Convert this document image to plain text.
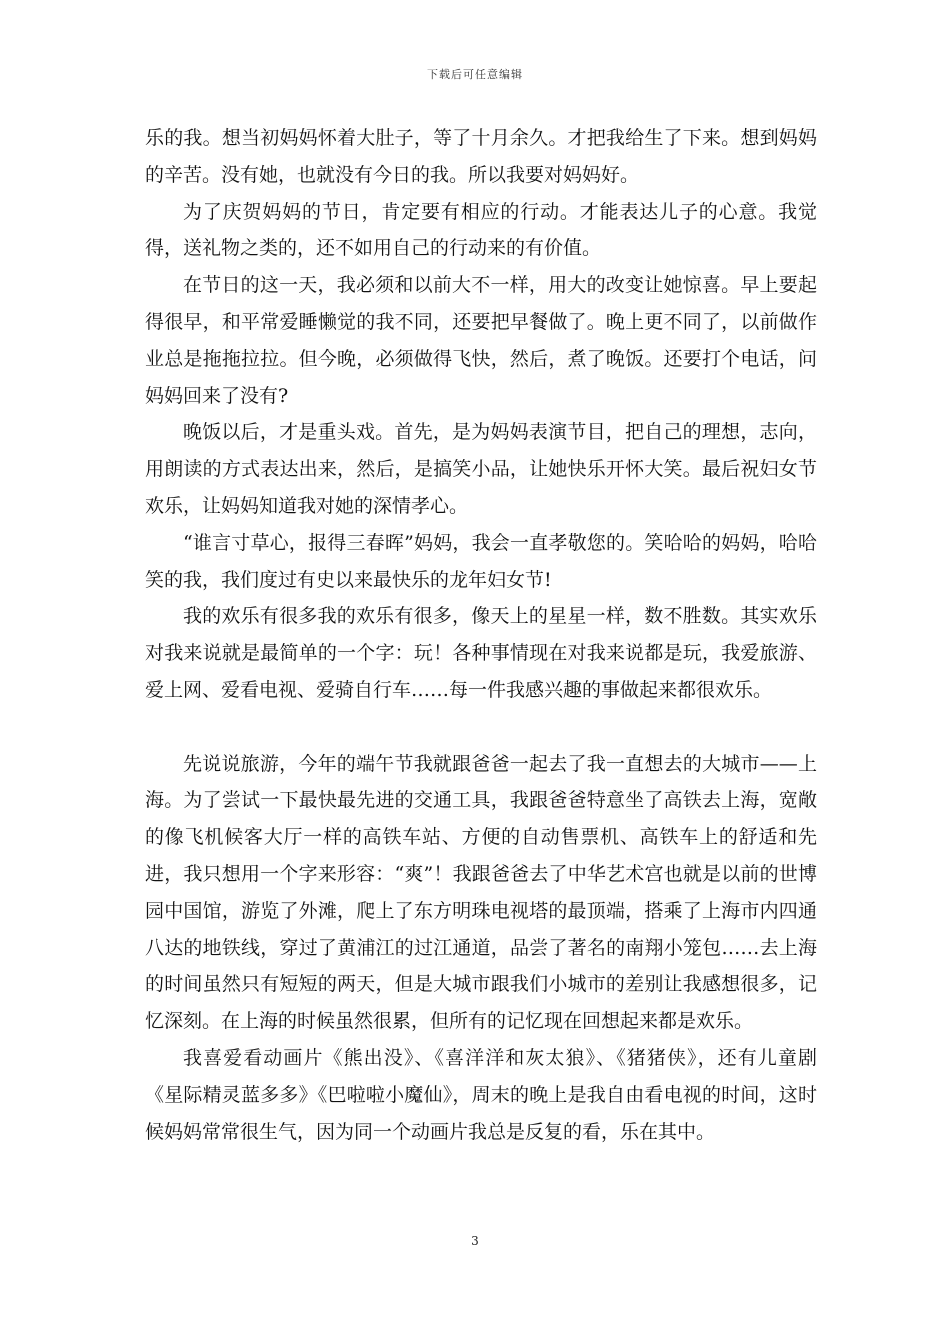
下载后可任意编辑

乐的我。想当初妈妈怀着大肚子，等了十月余久。才把我给生了下来。想到妈妈的辛苦。没有她，也就没有今日的我。所以我要对妈妈好。

为了庆贺妈妈的节日，肯定要有相应的行动。才能表达儿子的心意。我觉得，送礼物之类的，还不如用自己的行动来的有价值。

在节日的这一天，我必须和以前大不一样，用大的改变让她惊喜。早上要起得很早，和平常爱睡懒觉的我不同，还要把早餐做了。晚上更不同了，以前做作业总是拖拖拉拉。但今晚，必须做得飞快，然后，煮了晚饭。还要打个电话，问妈妈回来了没有?

晚饭以后，才是重头戏。首先，是为妈妈表演节目，把自己的理想，志向，用朗读的方式表达出来，然后，是搞笑小品，让她快乐开怀大笑。最后祝妇女节欢乐，让妈妈知道我对她的深情孝心。

“谁言寸草心，报得三春晖”妈妈，我会一直孝敬您的。笑哈哈的妈妈，哈哈笑的我，我们度过有史以来最快乐的龙年妇女节!

我的欢乐有很多我的欢乐有很多，像天上的星星一样，数不胜数。其实欢乐对我来说就是最简单的一个字：玩！各种事情现在对我来说都是玩，我爱旅游、爱上网、爱看电视、爱骑自行车……每一件我感兴趣的事做起来都很欢乐。

先说说旅游，今年的端午节我就跟爸爸一起去了我一直想去的大城市——上海。为了尝试一下最快最先进的交通工具，我跟爸爸特意坐了高铁去上海，宽敞的像飞机候客大厅一样的高铁车站、方便的自动售票机、高铁车上的舒适和先进，我只想用一个字来形容：“爽”！我跟爸爸去了中华艺术宫也就是以前的世博园中国馆，游览了外滩，爬上了东方明珠电视塔的最顶端，搭乘了上海市内四通八达的地铁线，穿过了黄浦江的过江通道，品尝了著名的南翔小笼包……去上海的时间虽然只有短短的两天，但是大城市跟我们小城市的差别让我感想很多，记忆深刻。在上海的时候虽然很累，但所有的记忆现在回想起来都是欢乐。

我喜爱看动画片《熊出没》、《喜洋洋和灰太狼》、《猪猪侠》，还有儿童剧《星际精灵蓝多多》《巴啦啦小魔仙》，周末的晚上是我自由看电视的时间，这时候妈妈常常很生气，因为同一个动画片我总是反复的看，乐在其中。

3
